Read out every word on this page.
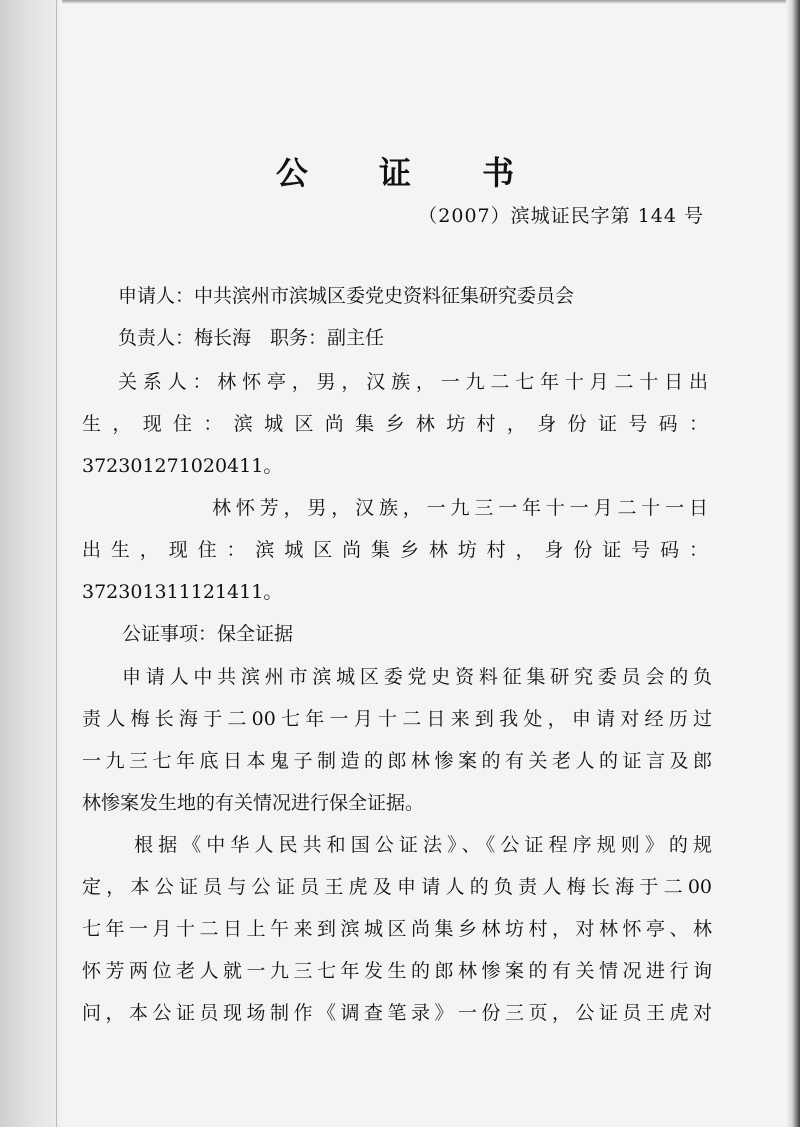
公 证 书
（2007）滨城证民字第 144 号
申请人：中共滨州市滨城区委党史资料征集研究委员会
负责人：梅长海　职务：副主任
关系人：林怀亭，男，汉族，一九二七年十月二十日出
生，现住：滨城区尚集乡林坊村，身份证号码：
372301271020411。
林怀芳，男，汉族，一九三一年十一月二十一日
出生，现住：滨城区尚集乡林坊村，身份证号码：
372301311121411。
公证事项：保全证据
申请人中共滨州市滨城区委党史资料征集研究委员会的负
责人梅长海于二00七年一月十二日来到我处，申请对经历过
一九三七年底日本鬼子制造的郎林惨案的有关老人的证言及郎
林惨案发生地的有关情况进行保全证据。
根据《中华人民共和国公证法》、《公证程序规则》的规
定，本公证员与公证员王虎及申请人的负责人梅长海于二00
七年一月十二日上午来到滨城区尚集乡林坊村，对林怀亭、林
怀芳两位老人就一九三七年发生的郎林惨案的有关情况进行询
问，本公证员现场制作《调查笔录》一份三页，公证员王虎对
